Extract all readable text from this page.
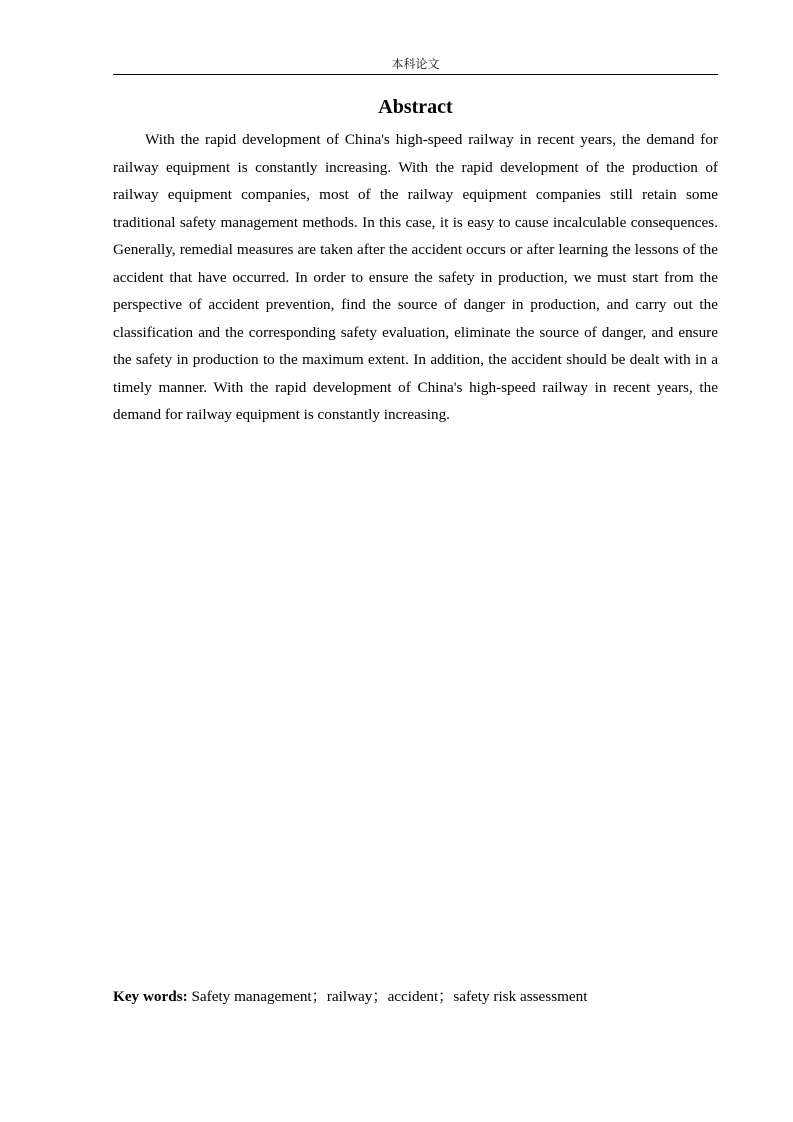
本科论文
Abstract

With the rapid development of China's high-speed railway in recent years, the demand for railway equipment is constantly increasing. With the rapid development of the production of railway equipment companies, most of the railway equipment companies still retain some traditional safety management methods. In this case, it is easy to cause incalculable consequences. Generally, remedial measures are taken after the accident occurs or after learning the lessons of the accident that have occurred. In order to ensure the safety in production, we must start from the perspective of accident prevention, find the source of danger in production, and carry out the classification and the corresponding safety evaluation, eliminate the source of danger, and ensure the safety in production to the maximum extent. In addition, the accident should be dealt with in a timely manner. With the rapid development of China's high-speed railway in recent years, the demand for railway equipment is constantly increasing.

Key words: Safety management；railway；accident；safety risk assessment
